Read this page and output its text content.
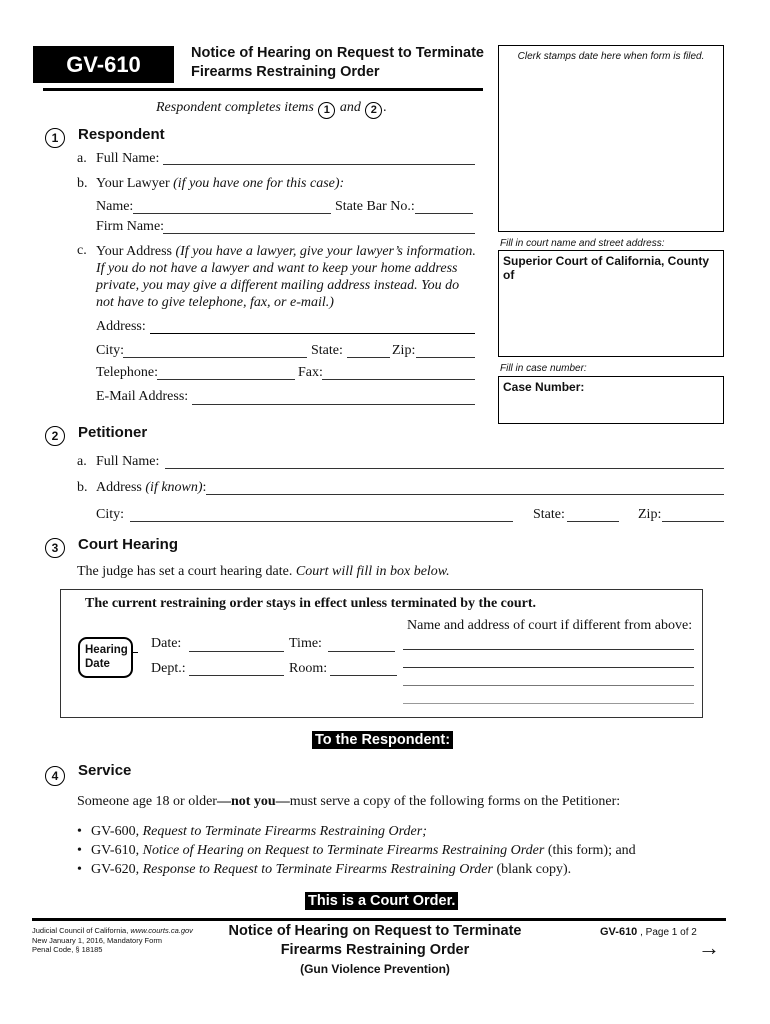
GV-610	Notice of Hearing on Request to Terminate
Firearms Restraining Order
Respondent completes items 1 and 2 .
Clerk stamps date here when form is filed.
Fill in court name and street address:
Superior Court of California, County of
Fill in case number:
Case Number:
1	Respondent
a. Full Name:
b. Your Lawyer (if you have one for this case):
Name:	State Bar No.:
Firm Name:
c. Your Address (If you have a lawyer, give your lawyer’s information.
If you do not have a lawyer and want to keep your home address
private, you may give a different mailing address instead. You do
not have to give telephone, fax, or e-mail.)
Address:
City:	State:	Zip:
Telephone:	Fax:
E-Mail Address:
2	Petitioner
a. Full Name:
b. Address (if known):
City:	State:	Zip:
3	Court Hearing
The judge has set a court hearing date. Court will fill in box below.
The current restraining order stays in effect unless terminated by the court.
Hearing
Date
Date:	Time:
Dept.:	Room:
Name and address of court if different from above:
To the Respondent:
4	Service
Someone age 18 or older—not you—must serve a copy of the following forms on the Petitioner:
• GV-600, Request to Terminate Firearms Restraining Order;
• GV-610, Notice of Hearing on Request to Terminate Firearms Restraining Order (this form); and
• GV-620, Response to Request to Terminate Firearms Restraining Order (blank copy).
This is a Court Order.
Judicial Council of California, www.courts.ca.gov
New January 1, 2016, Mandatory Form
Penal Code, § 18185
Notice of Hearing on Request to Terminate
Firearms Restraining Order
(Gun Violence Prevention)
GV-610 , Page 1 of 2
→
